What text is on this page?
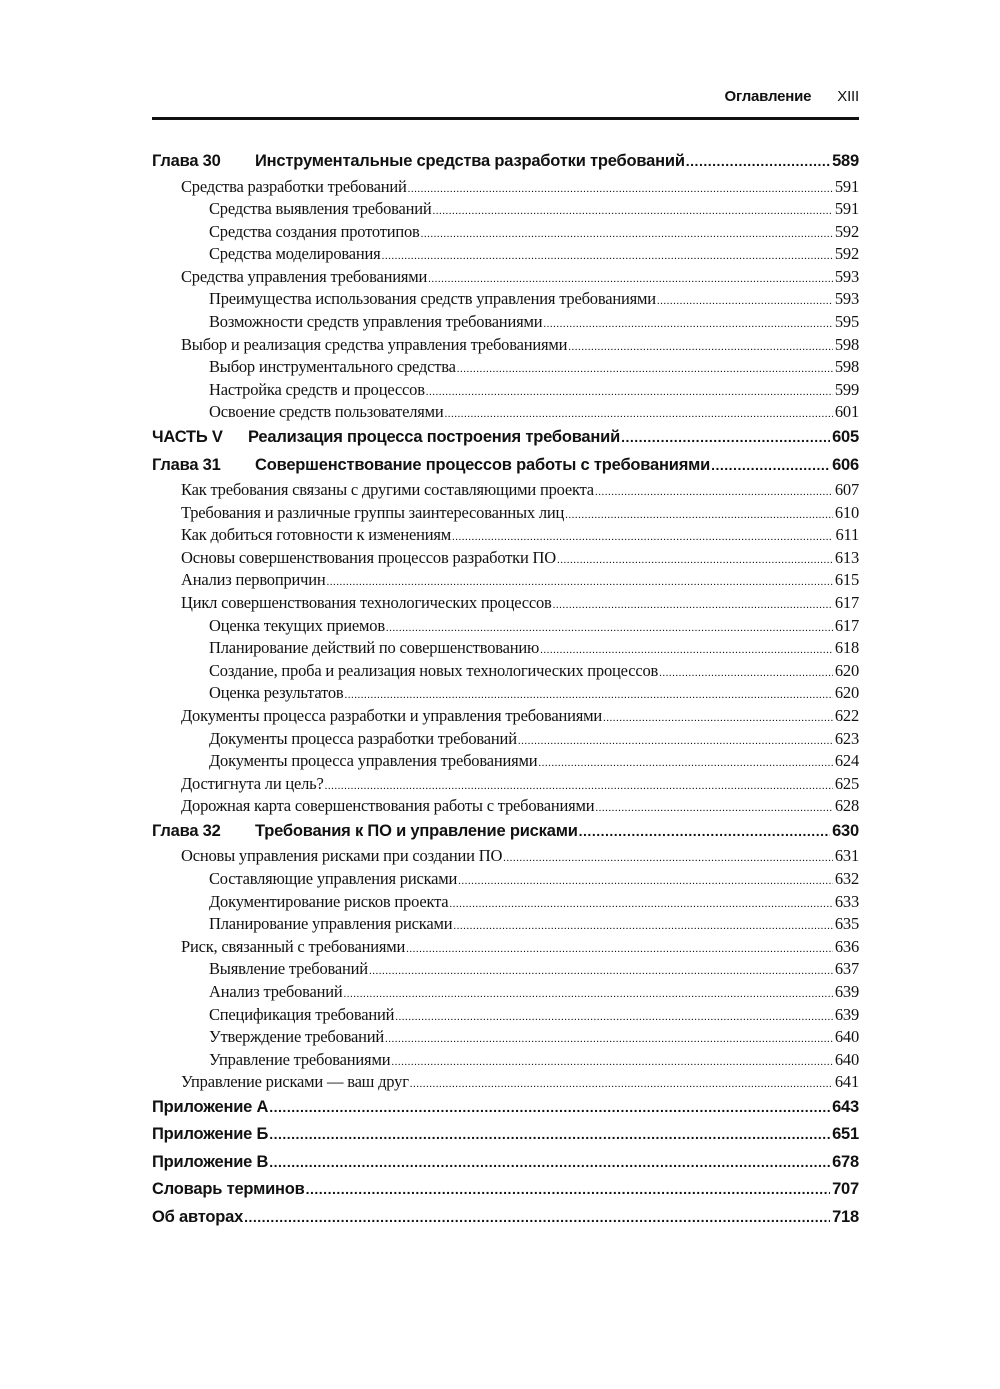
Оглавление XIII
Глава 30 Инструментальные средства разработки требований .....	589
Средства разработки требований .....	591
Средства выявления требований .....	591
Средства создания прототипов .....	592
Средства моделирования .....	592
Средства управления требованиями .....	593
Преимущества использования средств управления требованиями .....	593
Возможности средств управления требованиями .....	595
Выбор и реализация средства управления требованиями .....	598
Выбор инструментального средства .....	598
Настройка средств и процессов .....	599
Освоение средств пользователями .....	601
ЧАСТЬ V Реализация процесса построения требований .....	605
Глава 31 Совершенствование процессов работы с требованиями .....	606
Как требования связаны с другими составляющими проекта .....	607
Требования и различные группы заинтересованных лиц .....	610
Как добиться готовности к изменениям .....	611
Основы совершенствования процессов разработки ПО .....	613
Анализ первопричин .....	615
Цикл совершенствования технологических процессов .....	617
Оценка текущих приемов .....	617
Планирование действий по совершенствованию .....	618
Создание, проба и реализация новых технологических процессов .....	620
Оценка результатов .....	620
Документы процесса разработки и управления требованиями .....	622
Документы процесса разработки требований .....	623
Документы процесса управления требованиями .....	624
Достигнута ли цель? .....	625
Дорожная карта совершенствования работы с требованиями .....	628
Глава 32 Требования к ПО и управление рисками .....	630
Основы управления рисками при создании ПО .....	631
Составляющие управления рисками .....	632
Документирование рисков проекта .....	633
Планирование управления рисками .....	635
Риск, связанный с требованиями .....	636
Выявление требований .....	637
Анализ требований .....	639
Спецификация требований .....	639
Утверждение требований .....	640
Управление требованиями .....	640
Управление рисками — ваш друг .....	641
Приложение А .....	643
Приложение Б .....	651
Приложение В .....	678
Словарь терминов .....	707
Об авторах .....	718
